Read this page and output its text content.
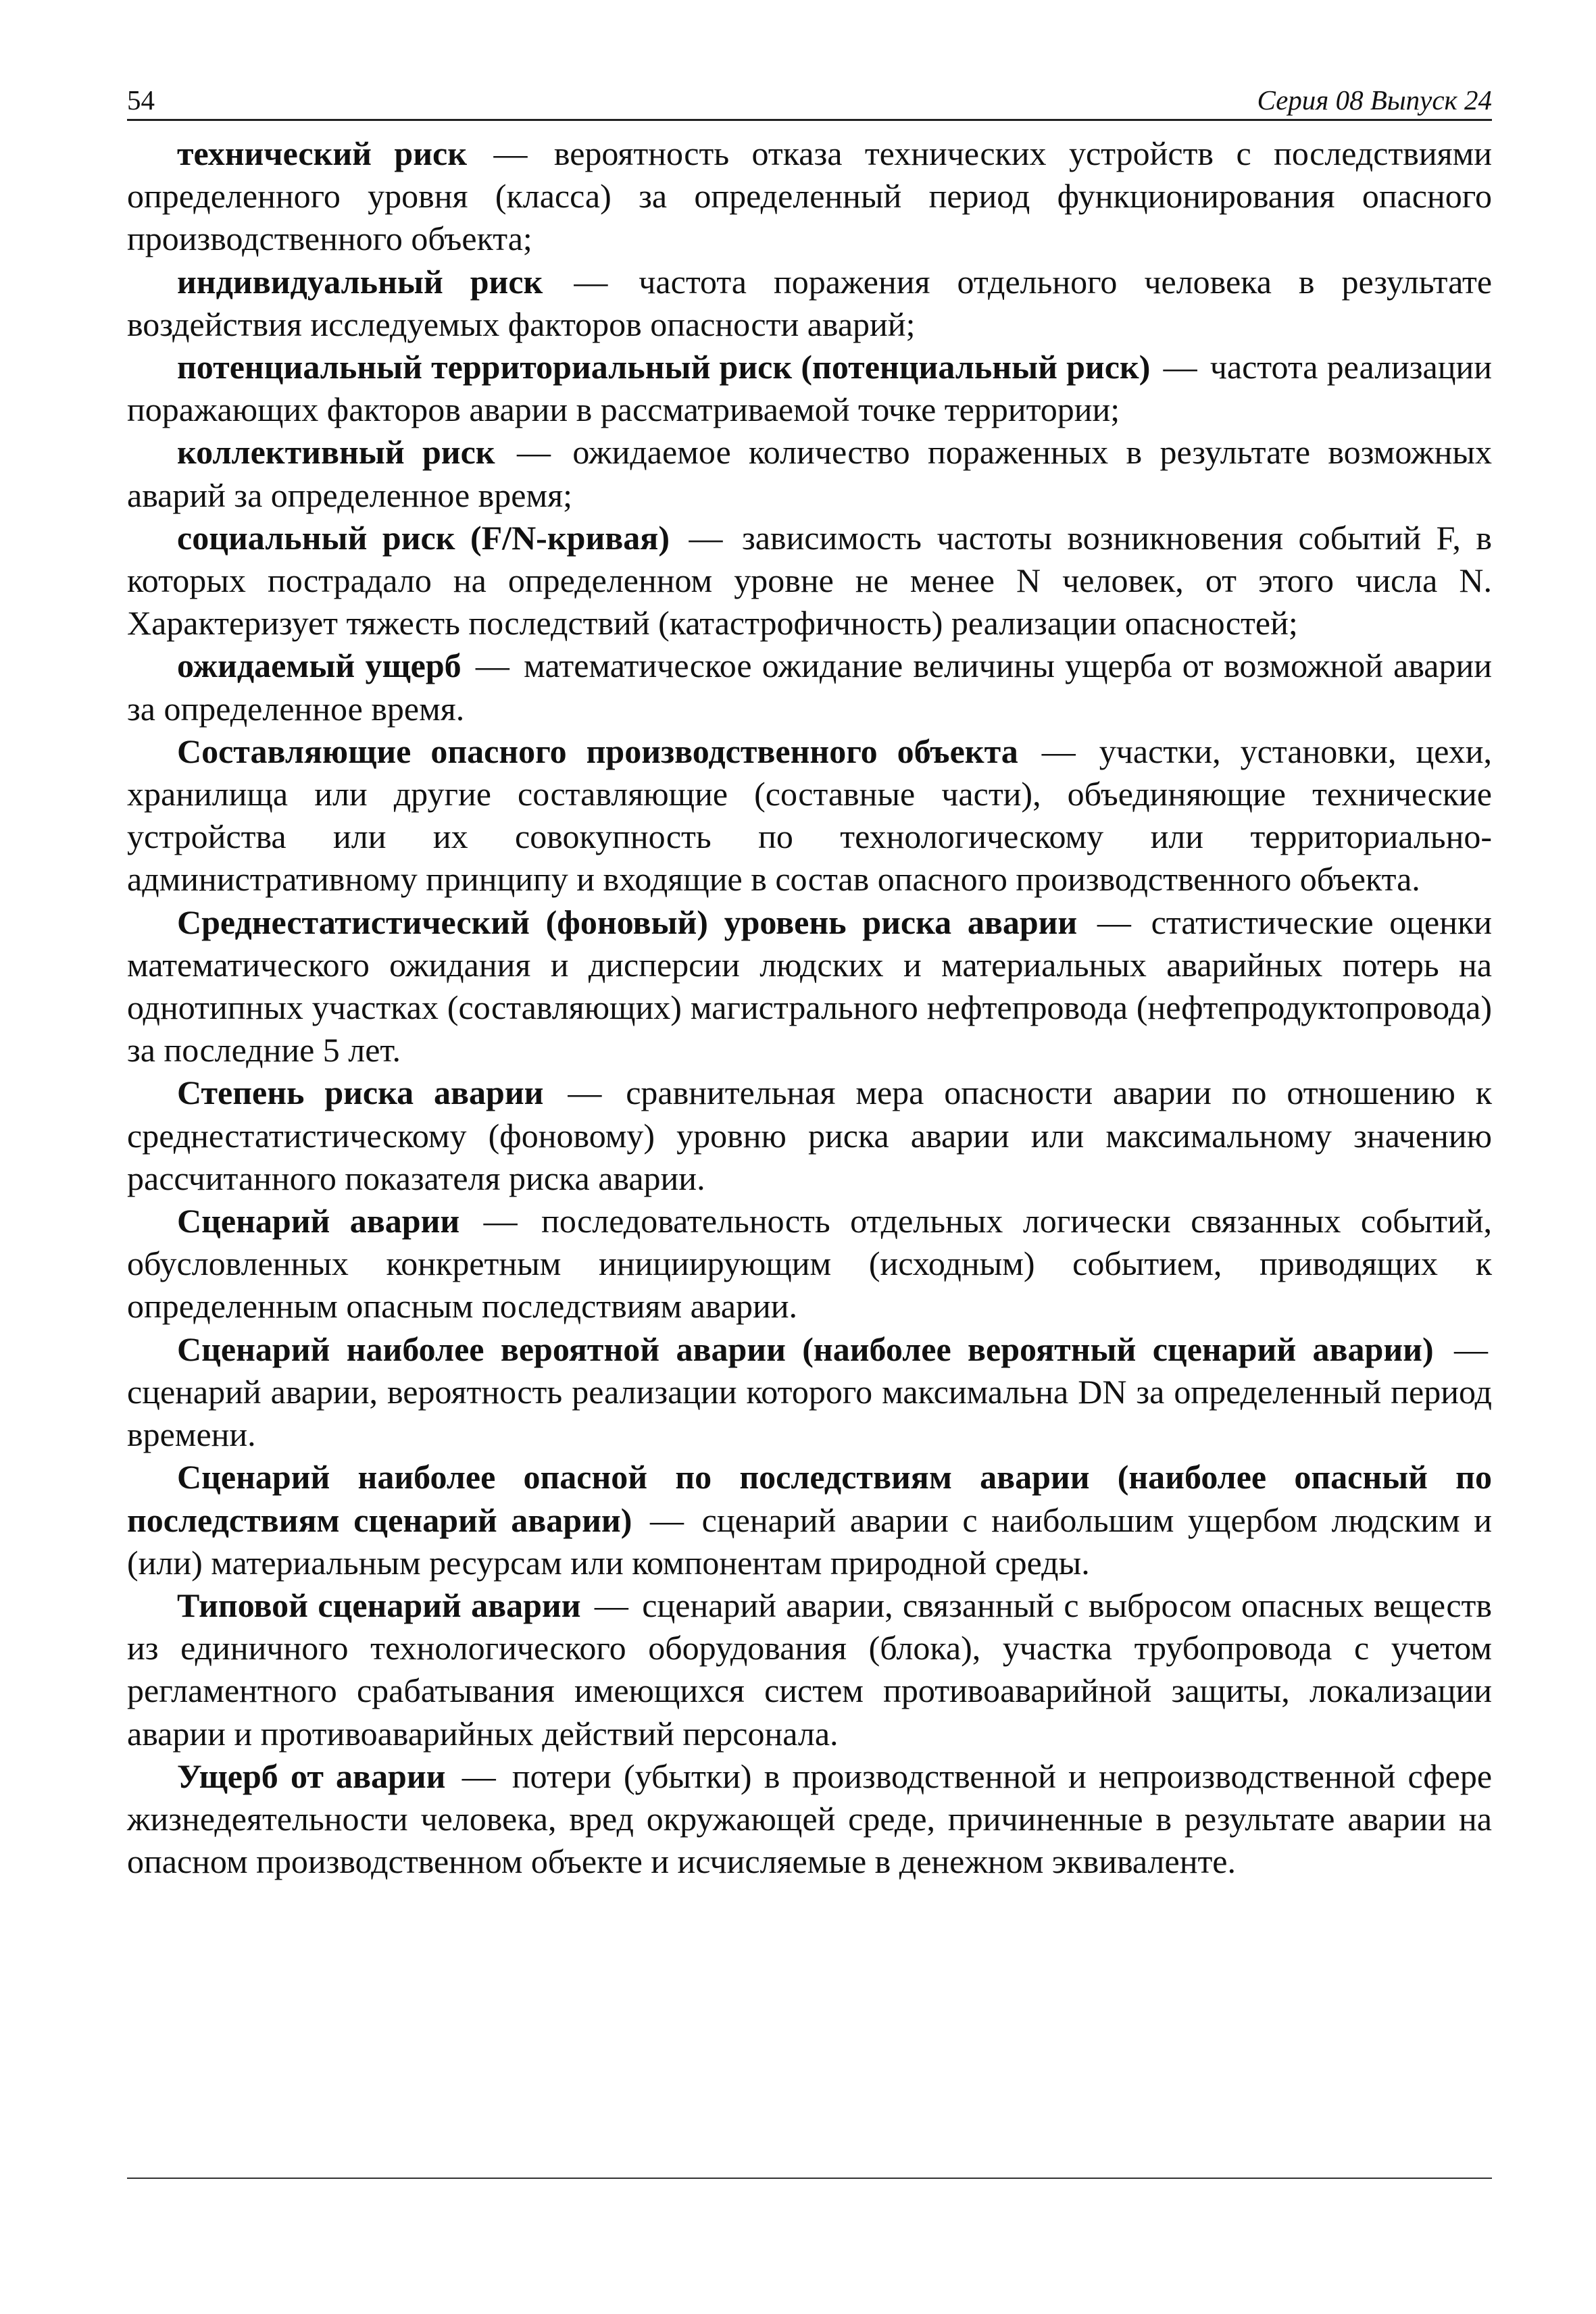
54	Серия 08 Выпуск 24

технический риск — вероятность отказа технических устройств с последствиями определенного уровня (класса) за определенный период функционирования опасного производственного объекта;

индивидуальный риск — частота поражения отдельного человека в результате воздействия исследуемых факторов опасности аварий;

потенциальный территориальный риск (потенциальный риск) — частота реализации поражающих факторов аварии в рассматриваемой точке территории;

коллективный риск — ожидаемое количество пораженных в результате возможных аварий за определенное время;

социальный риск (F/N-кривая) — зависимость частоты возникновения событий F, в которых пострадало на определенном уровне не менее N человек, от этого числа N. Характеризует тяжесть последствий (катастрофичность) реализации опасностей;

ожидаемый ущерб — математическое ожидание величины ущерба от возможной аварии за определенное время.

Составляющие опасного производственного объекта — участки, установки, цехи, хранилища или другие составляющие (составные части), объединяющие технические устройства или их совокупность по технологическому или территориально-административному принципу и входящие в состав опасного производственного объекта.

Среднестатистический (фоновый) уровень риска аварии — статистические оценки математического ожидания и дисперсии людских и материальных аварийных потерь на однотипных участках (составляющих) магистрального нефтепровода (нефтепродуктопровода) за последние 5 лет.

Степень риска аварии — сравнительная мера опасности аварии по отношению к среднестатистическому (фоновому) уровню риска аварии или максимальному значению рассчитанного показателя риска аварии.

Сценарий аварии — последовательность отдельных логически связанных событий, обусловленных конкретным инициирующим (исходным) событием, приводящих к определенным опасным последствиям аварии.

Сценарий наиболее вероятной аварии (наиболее вероятный сценарий аварии) — сценарий аварии, вероятность реализации которого максимальна DN за определенный период времени.

Сценарий наиболее опасной по последствиям аварии (наиболее опасный по последствиям сценарий аварии) — сценарий аварии с наибольшим ущербом людским и (или) материальным ресурсам или компонентам природной среды.

Типовой сценарий аварии — сценарий аварии, связанный с выбросом опасных веществ из единичного технологического оборудования (блока), участка трубопровода с учетом регламентного срабатывания имеющихся систем противоаварийной защиты, локализации аварии и противоаварийных действий персонала.

Ущерб от аварии — потери (убытки) в производственной и непроизводственной сфере жизнедеятельности человека, вред окружающей среде, причиненные в результате аварии на опасном производственном объекте и исчисляемые в денежном эквиваленте.
